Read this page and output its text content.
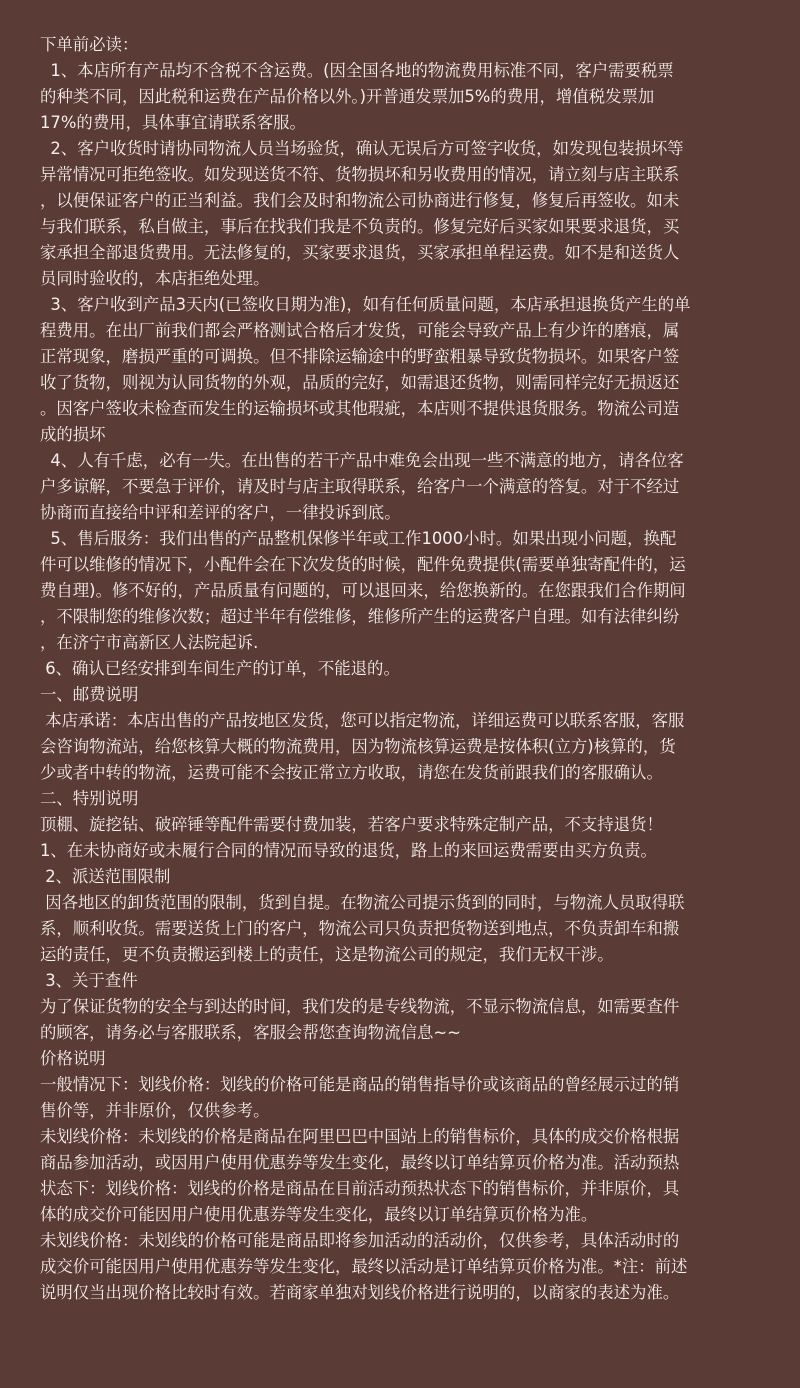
下单前必读：
1、本店所有产品均不含税不含运费。(因全国各地的物流费用标准不同，客户需要税票
的种类不同，因此税和运费在产品价格以外。)开普通发票加5%的费用，增值税发票加
17%的费用，具体事宜请联系客服。
2、客户收货时请协同物流人员当场验货，确认无误后方可签字收货，如发现包装损坏等
异常情况可拒绝签收。如发现送货不符、货物损坏和另收费用的情况，请立刻与店主联系
，以便保证客户的正当利益。我们会及时和物流公司协商进行修复，修复后再签收。如未
与我们联系，私自做主，事后在找我们我是不负责的。修复完好后买家如果要求退货，买
家承担全部退货费用。无法修复的，买家要求退货，买家承担单程运费。如不是和送货人
员同时验收的，本店拒绝处理。
3、客户收到产品3天内(已签收日期为准)，如有任何质量问题，本店承担退换货产生的单
程费用。在出厂前我们都会严格测试合格后才发货，可能会导致产品上有少许的磨痕，属
正常现象，磨损严重的可调换。但不排除运输途中的野蛮粗暴导致货物损坏。如果客户签
收了货物，则视为认同货物的外观，品质的完好，如需退还货物，则需同样完好无损返还
。因客户签收未检查而发生的运输损坏或其他瑕疵，本店则不提供退货服务。物流公司造
成的损坏
4、人有千虑，必有一失。在出售的若干产品中难免会出现一些不满意的地方，请各位客
户多谅解，不要急于评价，请及时与店主取得联系，给客户一个满意的答复。对于不经过
协商而直接给中评和差评的客户，一律投诉到底。
5、售后服务：我们出售的产品整机保修半年或工作1000小时。如果出现小问题，换配
件可以维修的情况下，小配件会在下次发货的时候，配件免费提供(需要单独寄配件的，运
费自理)。修不好的，产品质量有问题的，可以退回来，给您换新的。在您跟我们合作期间
，不限制您的维修次数；超过半年有偿维修，维修所产生的运费客户自理。如有法律纠纷
，在济宁市高新区人法院起诉.
6、确认已经安排到车间生产的订单，不能退的。
一、邮费说明
本店承诺：本店出售的产品按地区发货，您可以指定物流，详细运费可以联系客服，客服
会咨询物流站，给您核算大概的物流费用，因为物流核算运费是按体积(立方)核算的，货
少或者中转的物流，运费可能不会按正常立方收取，请您在发货前跟我们的客服确认。
二、特别说明
顶棚、旋挖钻、破碎锤等配件需要付费加装，若客户要求特殊定制产品，不支持退货！
1、在未协商好或未履行合同的情况而导致的退货，路上的来回运费需要由买方负责。
2、派送范围限制
因各地区的卸货范围的限制，货到自提。在物流公司提示货到的同时，与物流人员取得联
系，顺利收货。需要送货上门的客户，物流公司只负责把货物送到地点，不负责卸车和搬
运的责任，更不负责搬运到楼上的责任，这是物流公司的规定，我们无权干涉。
3、关于查件
为了保证货物的安全与到达的时间，我们发的是专线物流，不显示物流信息，如需要查件
的顾客，请务必与客服联系，客服会帮您查询物流信息~~
价格说明
一般情况下：划线价格：划线的价格可能是商品的销售指导价或该商品的曾经展示过的销
售价等，并非原价，仅供参考。
未划线价格：未划线的价格是商品在阿里巴巴中国站上的销售标价，具体的成交价格根据
商品参加活动，或因用户使用优惠券等发生变化，最终以订单结算页价格为准。活动预热
状态下：划线价格：划线的价格是商品在目前活动预热状态下的销售标价，并非原价，具
体的成交价可能因用户使用优惠券等发生变化，最终以订单结算页价格为准。
未划线价格：未划线的价格可能是商品即将参加活动的活动价，仅供参考，具体活动时的
成交价可能因用户使用优惠券等发生变化，最终以活动是订单结算页价格为准。*注：前述
说明仅当出现价格比较时有效。若商家单独对划线价格进行说明的，以商家的表述为准。
